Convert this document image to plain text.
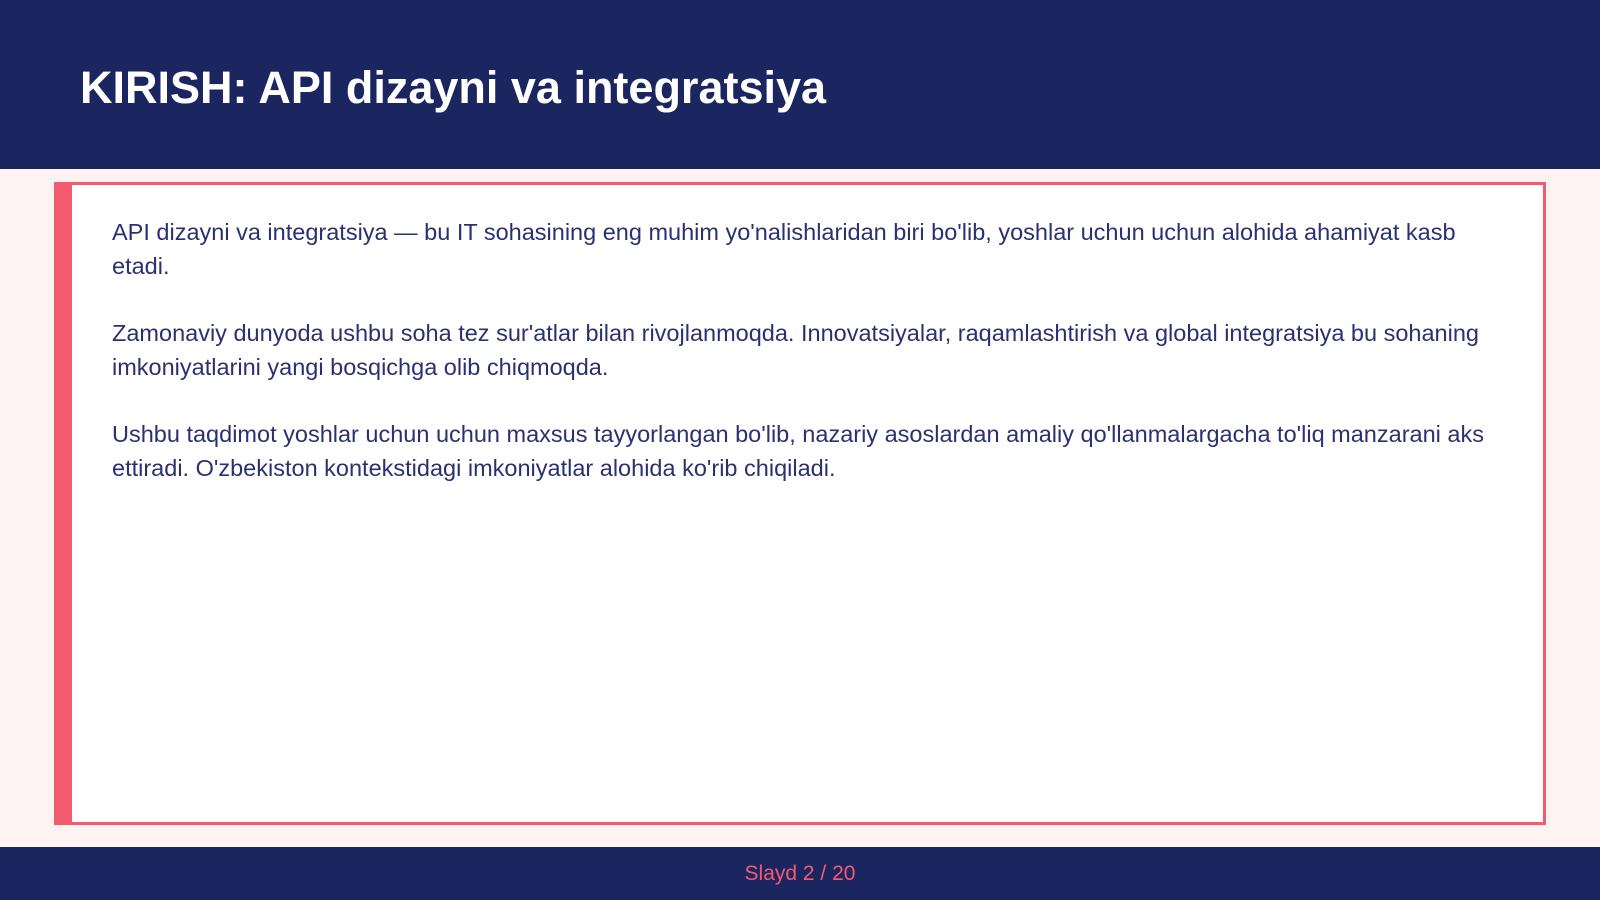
KIRISH: API dizayni va integratsiya

API dizayni va integratsiya — bu IT sohasining eng muhim yo'nalishlaridan biri bo'lib, yoshlar uchun uchun alohida ahamiyat kasb etadi.

Zamonaviy dunyoda ushbu soha tez sur'atlar bilan rivojlanmoqda. Innovatsiyalar, raqamlashtirish va global integratsiya bu sohaning imkoniyatlarini yangi bosqichga olib chiqmoqda.

Ushbu taqdimot yoshlar uchun uchun maxsus tayyorlangan bo'lib, nazariy asoslardan amaliy qo'llanmalargacha to'liq manzarani aks ettiradi. O'zbekiston kontekstidagi imkoniyatlar alohida ko'rib chiqiladi.

Slayd 2 / 20
